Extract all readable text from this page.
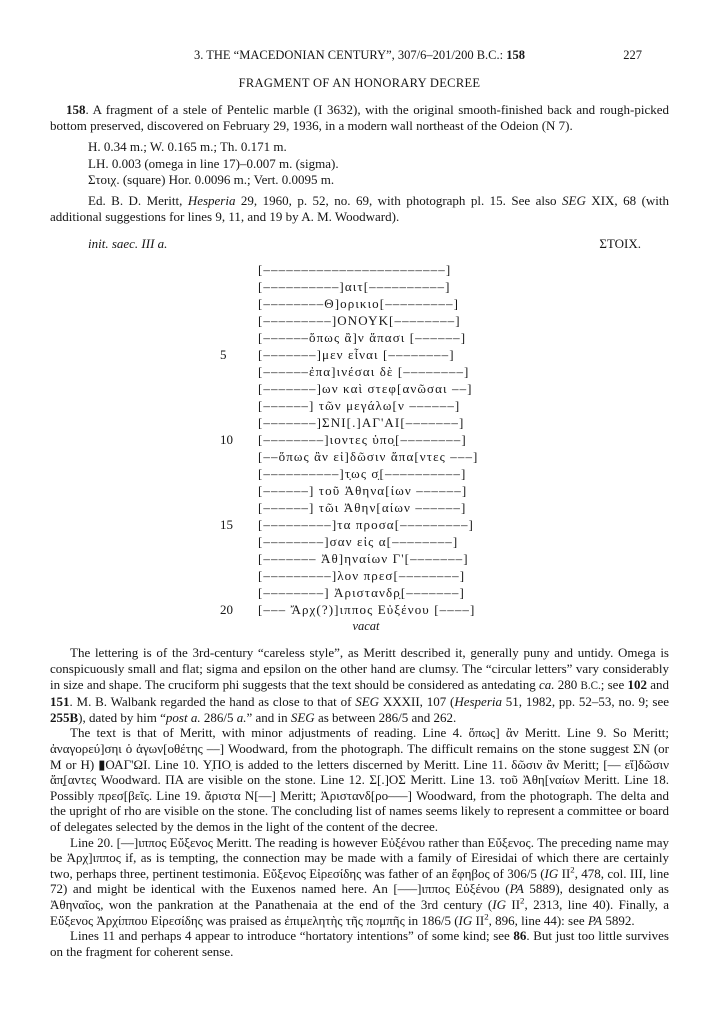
3. THE “MACEDONIAN CENTURY”, 307/6–201/200 B.C.: 158	227
FRAGMENT OF AN HONORARY DECREE
158. A fragment of a stele of Pentelic marble (I 3632), with the original smooth-finished back and rough-picked bottom preserved, discovered on February 29, 1936, in a modern wall northeast of the Odeion (N 7).
H. 0.34 m.; W. 0.165 m.; Th. 0.171 m.
LH. 0.003 (omega in line 17)–0.007 m. (sigma).
Στοιχ. (square) Hor. 0.0096 m.; Vert. 0.0095 m.
Ed. B. D. Meritt, Hesperia 29, 1960, p. 52, no. 69, with photograph pl. 15. See also SEG XIX, 68 (with additional suggestions for lines 9, 11, and 19 by A. M. Woodward).
init. saec. III a.	ΣΤΟΙΧ.
[––––––––––––––––––––––––]
[––––––––––]αιτ[––––––––––]
[––––––––Θ]ορικιο[–––––––––]
[–––––––––]ΟΝΟΥΚ[––––––––]
[––––––ὅπως ἂ]ν ἅπασι [––––––]
5	[–––––––]μεν εἶναι [––––––––]
[––––––ἐπα]ινέσαι δὲ [––––––––]
[–––––––]ων καὶ στεφ[ανῶσαι ––]
[––––––] τῶν μεγάλω[ν ––––––]
[–––––––]ΣΝΙ[.]ΑΓ'ΑΙ[–––––––]
10	[––––––––]ιοντες ὑπο̣[––––––––]
[––ὅπως ἂν εἰ]δῶσιν ἅπα[ντες –––]
[––––––––––]τ̣ως σ̣[––––––––––]
[––––––] τοῦ Ἀθηνα[ίων ––––––]
[––––––] τῶι Ἀθην[αίων ––––––]
15	[–––––––––]τα προσα[–––––––––]
[––––––––]σαν εἰς α[––––––––]
[––––––– Ἀθ]ηναίων Γ'[–––––––]
[–––––––––]λον πρεσ[––––––––]
[––––––––] Ἀριστανδρ̣[–––––––]
20	[––– Ἄρχ(?)]ιππος Εὐξένου [––––]
vacat
The lettering is of the 3rd-century “careless style”, as Meritt described it, generally puny and untidy. Omega is conspicuously small and flat; sigma and epsilon on the other hand are clumsy. The “circular letters” vary considerably in size and shape. The cruciform phi suggests that the text should be considered as antedating ca. 280 B.C.; see 102 and 151. M. B. Walbank regarded the hand as close to that of SEG XXXII, 107 (Hesperia 51, 1982, pp. 52–53, no. 9; see 255B), dated by him “post a. 286/5 a.” and in SEG as between 286/5 and 262.
The text is that of Meritt, with minor adjustments of reading. Line 4. ὅπως] ἂν Meritt. Line 9. So Meritt; ἀναγορεύ]σηι ὁ ἀγων[οθέτης ––] Woodward, from the photograph. The difficult remains on the stone suggest ΣΝ (or Μ or Η) ▮ΟΑΓ'ΩΙ. Line 10. Υ̣ΠΟ̣ is added to the letters discerned by Meritt. Line 11. δῶσιν ἂν Meritt; [–– εἴ]δῶσιν ἅπ̣[αντες Woodward. ΠΑ are visible on the stone. Line 12. Σ[.]ΟΣ Meritt. Line 13. τοῦ Ἀθη[ναίων Meritt. Line 18. Possibly πρεσ[βεῖς. Line 19. ἄριστα Ν[––] Meritt; Ἀριστανδ[ρο–––] Woodward, from the photograph. The delta and the upright of rho are visible on the stone. The concluding list of names seems likely to represent a committee or board of delegates selected by the demos in the light of the content of the decree.
Line 20. [––]ιππος Εὔξενος Meritt. The reading is however Εὐξένου rather than Εὔξενος. The preceding name may be Ἀρχ]ιππος if, as is tempting, the connection may be made with a family of Eiresidai of which there are certainly two, perhaps three, pertinent testimonia. Εὔξενος Εἰρεσίδης was father of an ἔφηβος of 306/5 (IG $II^2$, 478, col. III, line 72) and might be identical with the Euxenos named here. An [–––]ιππος Εὐξένου (PA 5889), designated only as Ἀθηναῖος, won the pankration at the Panathenaia at the end of the 3rd century (IG $II^2$, 2313, line 40). Finally, a Εὔξενος Ἀρχίππου Εἰρεσίδης was praised as ἐπιμελητὴς τῆς πομπῆς in 186/5 (IG $II^2$, 896, line 44): see PA 5892.
Lines 11 and perhaps 4 appear to introduce “hortatory intentions” of some kind; see 86. But just too little survives on the fragment for coherent sense.
